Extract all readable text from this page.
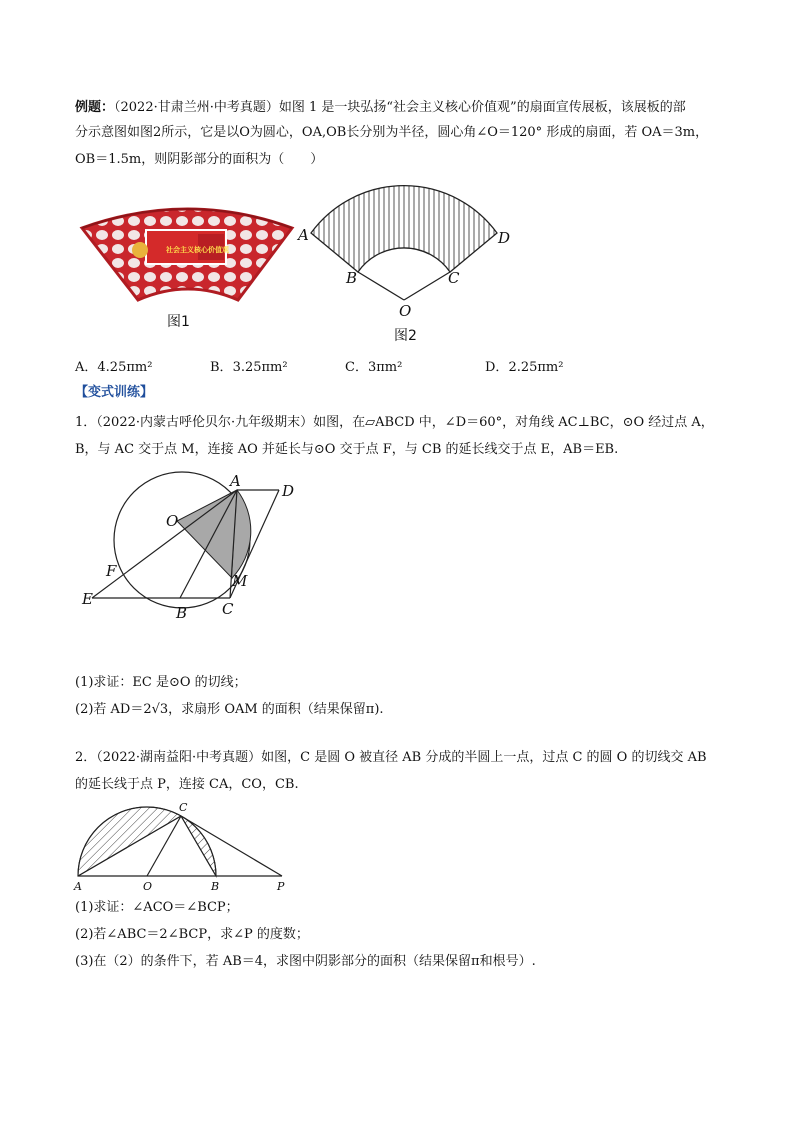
例题：（2022·甘肃兰州·中考真题）如图 1 是一块弘扬“社会主义核心价值观”的扇面宣传展板，该展板的部
分示意图如图2所示，它是以O为圆心，OA,OB长分别为半径，圆心角∠O＝120° 形成的扇面，若 OA＝3m，
OB＝1.5m，则阴影部分的面积为（　　）
社会主义核心价值观
图1
A	D
B	C
O
图2
A．4.25πm²	B．3.25πm²	C．3πm²	D．2.25πm²
【变式训练】
1．（2022·内蒙古呼伦贝尔·九年级期末）如图，在▱ABCD 中，∠D＝60°，对角线 AC⊥BC，⊙O 经过点 A，
B，与 AC 交于点 M，连接 AO 并延长与⊙O 交于点 F，与 CB 的延长线交于点 E，AB＝EB.
A
D
O
F
M
E
B C
(1)求证：EC 是⊙O 的切线；
(2)若 AD＝2√3，求扇形 OAM 的面积（结果保留π).
2．（2022·湖南益阳·中考真题）如图，C 是圆 O 被直径 AB 分成的半圆上一点，过点 C 的圆 O 的切线交 AB
的延长线于点 P，连接 CA，CO，CB.
C
A	O	B	P
(1)求证：∠ACO＝∠BCP；
(2)若∠ABC＝2∠BCP，求∠P 的度数；
(3)在（2）的条件下，若 AB＝4，求图中阴影部分的面积（结果保留π和根号）.
